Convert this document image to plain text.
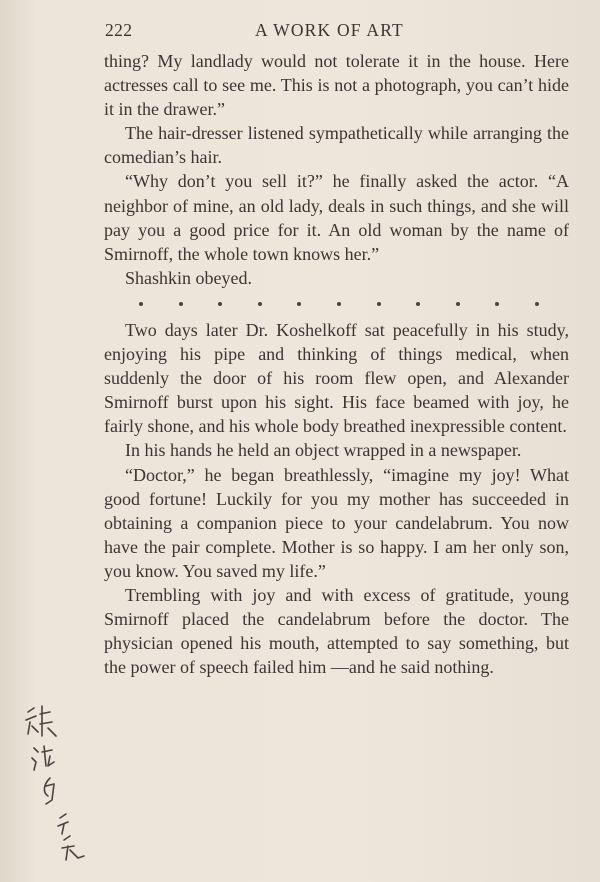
222	A WORK OF ART

thing? My landlady would not tolerate it in the house. Here actresses call to see me. This is not a photograph, you can’t hide it in the drawer.”

The hair-dresser listened sympathetically while arranging the comedian’s hair.

“Why don’t you sell it?” he finally asked the actor. “A neighbor of mine, an old lady, deals in such things, and she will pay you a good price for it. An old woman by the name of Smirnoff, the whole town knows her.”

Shashkin obeyed.

Two days later Dr. Koshelkoff sat peacefully in his study, enjoying his pipe and thinking of things medical, when suddenly the door of his room flew open, and Alexander Smirnoff burst upon his sight. His face beamed with joy, he fairly shone, and his whole body breathed inexpressible content.

In his hands he held an object wrapped in a newspaper.

“Doctor,” he began breathlessly, “imagine my joy! What good fortune! Luckily for you my mother has succeeded in obtaining a companion piece to your candelabrum. You now have the pair complete. Mother is so happy. I am her only son, you know. You saved my life.”

Trembling with joy and with excess of gratitude, young Smirnoff placed the candelabrum before the doctor. The physician opened his mouth, attempted to say something, but the power of speech failed him —and he said nothing.
